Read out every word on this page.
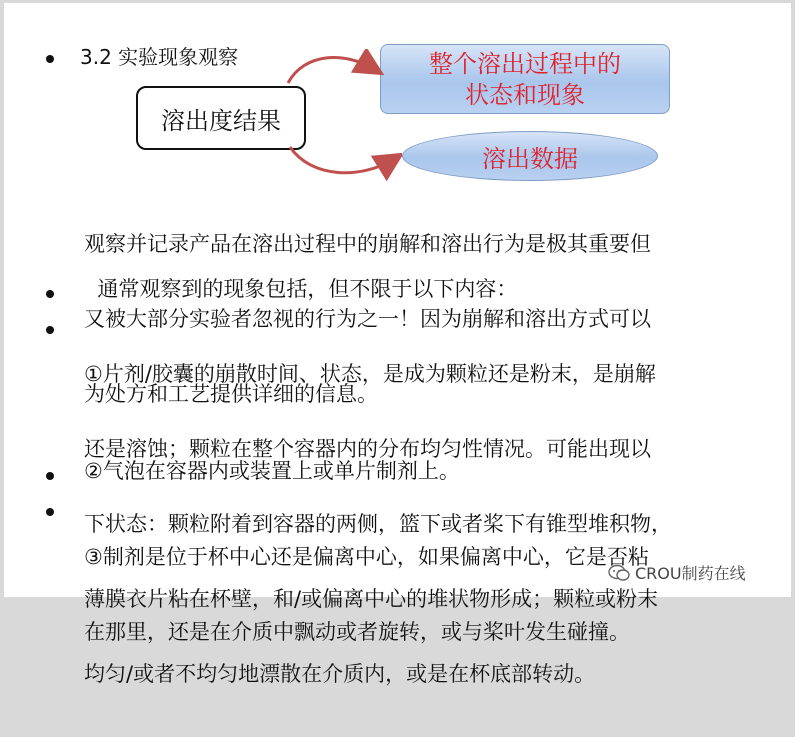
3.2 实验现象观察
溶出度结果
整个溶出过程中的
状态和现象
溶出数据

观察并记录产品在溶出过程中的崩解和溶出行为是极其重要但

又被大部分实验者忽视的行为之一！因为崩解和溶出方式可以

为处方和工艺提供详细的信息。

通常观察到的现象包括，但不限于以下内容：

①片剂/胶囊的崩散时间、状态，是成为颗粒还是粉末，是崩解

还是溶蚀；颗粒在整个容器内的分布均匀性情况。可能出现以

下状态：颗粒附着到容器的两侧，篮下或者桨下有锥型堆积物，

薄膜衣片粘在杯壁，和/或偏离中心的堆状物形成；颗粒或粉末

均匀/或者不均匀地漂散在介质内，或是在杯底部转动。

②气泡在容器内或装置上或单片制剂上。

③制剂是位于杯中心还是偏离中心，如果偏离中心，它是否粘

在那里，还是在介质中飘动或者旋转，或与桨叶发生碰撞。

CROU制药在线
